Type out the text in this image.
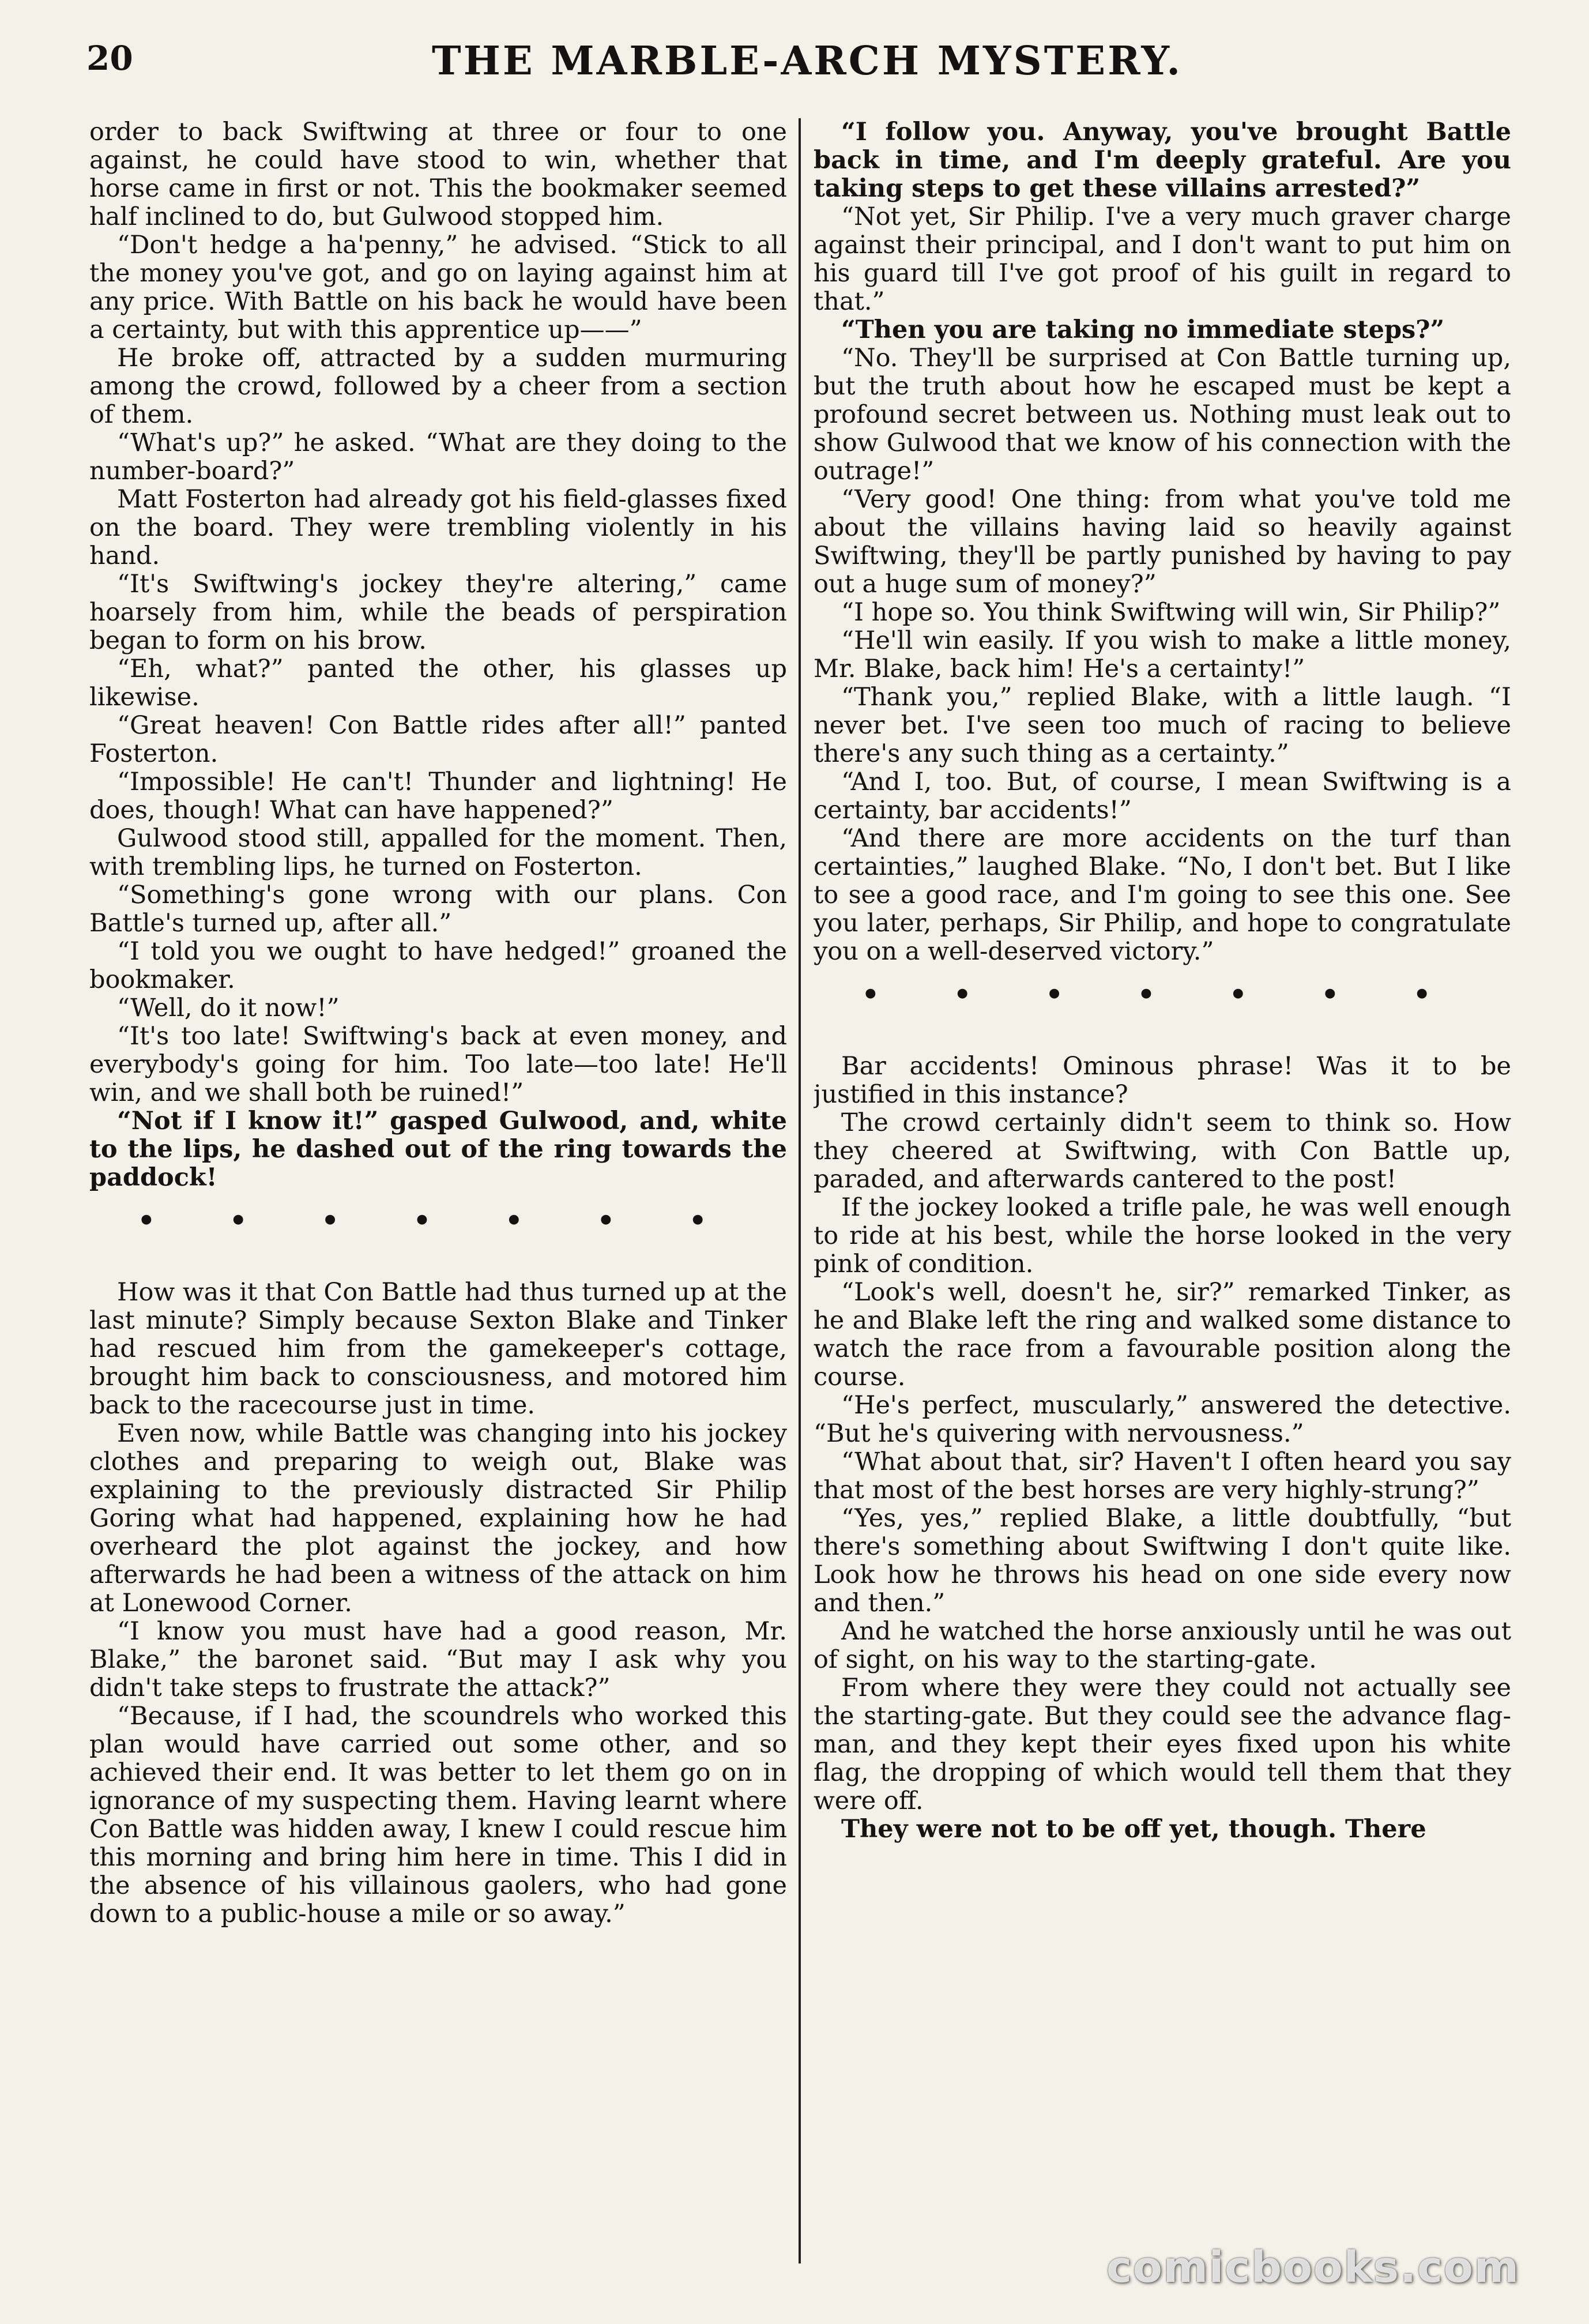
20	THE MARBLE-ARCH MYSTERY.

order to back Swiftwing at three or four to one against, he could have stood to win, whether that horse came in first or not. This the bookmaker seemed half inclined to do, but Gulwood stopped him.

“Don't hedge a ha'penny,” he advised. “Stick to all the money you've got, and go on laying against him at any price. With Battle on his back he would have been a certainty, but with this apprentice up——”

He broke off, attracted by a sudden murmuring among the crowd, followed by a cheer from a section of them.

“What's up?” he asked. “What are they doing to the number-board?”

Matt Fosterton had already got his field-glasses fixed on the board. They were trembling violently in his hand.

“It's Swiftwing's jockey they're altering,” came hoarsely from him, while the beads of perspiration began to form on his brow.

“Eh, what?” panted the other, his glasses up likewise.

“Great heaven! Con Battle rides after all!” panted Fosterton.

“Impossible! He can't! Thunder and lightning! He does, though! What can have happened?”

Gulwood stood still, appalled for the moment. Then, with trembling lips, he turned on Fosterton.

“Something's gone wrong with our plans. Con Battle's turned up, after all.”

“I told you we ought to have hedged!” groaned the bookmaker.

“Well, do it now!”

“It's too late! Swiftwing's back at even money, and everybody's going for him. Too late—too late! He'll win, and we shall both be ruined!”

“Not if I know it!” gasped Gulwood, and, white to the lips, he dashed out of the ring towards the paddock!

• • • • • • •

How was it that Con Battle had thus turned up at the last minute? Simply because Sexton Blake and Tinker had rescued him from the gamekeeper's cottage, brought him back to consciousness, and motored him back to the racecourse just in time.

Even now, while Battle was changing into his jockey clothes and preparing to weigh out, Blake was explaining to the previously distracted Sir Philip Goring what had happened, explaining how he had overheard the plot against the jockey, and how afterwards he had been a witness of the attack on him at Lonewood Corner.

“I know you must have had a good reason, Mr. Blake,” the baronet said. “But may I ask why you didn't take steps to frustrate the attack?”

“Because, if I had, the scoundrels who worked this plan would have carried out some other, and so achieved their end. It was better to let them go on in ignorance of my suspecting them. Having learnt where Con Battle was hidden away, I knew I could rescue him this morning and bring him here in time. This I did in the absence of his villainous gaolers, who had gone down to a public-house a mile or so away.”

“I follow you. Anyway, you've brought Battle back in time, and I'm deeply grateful. Are you taking steps to get these villains arrested?”

“Not yet, Sir Philip. I've a very much graver charge against their principal, and I don't want to put him on his guard till I've got proof of his guilt in regard to that.”

“Then you are taking no immediate steps?”

“No. They'll be surprised at Con Battle turning up, but the truth about how he escaped must be kept a profound secret between us. Nothing must leak out to show Gulwood that we know of his connection with the outrage!”

“Very good! One thing: from what you've told me about the villains having laid so heavily against Swiftwing, they'll be partly punished by having to pay out a huge sum of money?”

“I hope so. You think Swiftwing will win, Sir Philip?”

“He'll win easily. If you wish to make a little money, Mr. Blake, back him! He's a certainty!”

“Thank you,” replied Blake, with a little laugh. “I never bet. I've seen too much of racing to believe there's any such thing as a certainty.”

“And I, too. But, of course, I mean Swiftwing is a certainty, bar accidents!”

“And there are more accidents on the turf than certainties,” laughed Blake. “No, I don't bet. But I like to see a good race, and I'm going to see this one. See you later, perhaps, Sir Philip, and hope to congratulate you on a well-deserved victory.”

• • • • • • •

Bar accidents! Ominous phrase! Was it to be justified in this instance?

The crowd certainly didn't seem to think so. How they cheered at Swiftwing, with Con Battle up, paraded, and afterwards cantered to the post!

If the jockey looked a trifle pale, he was well enough to ride at his best, while the horse looked in the very pink of condition.

“Look's well, doesn't he, sir?” remarked Tinker, as he and Blake left the ring and walked some distance to watch the race from a favourable position along the course.

“He's perfect, muscularly,” answered the detective. “But he's quivering with nervousness.”

“What about that, sir? Haven't I often heard you say that most of the best horses are very highly-strung?”

“Yes, yes,” replied Blake, a little doubtfully, “but there's something about Swiftwing I don't quite like. Look how he throws his head on one side every now and then.”

And he watched the horse anxiously until he was out of sight, on his way to the starting-gate.

From where they were they could not actually see the starting-gate. But they could see the advance flag-man, and they kept their eyes fixed upon his white flag, the dropping of which would tell them that they were off.

They were not to be off yet, though. There

comicbooks.com
